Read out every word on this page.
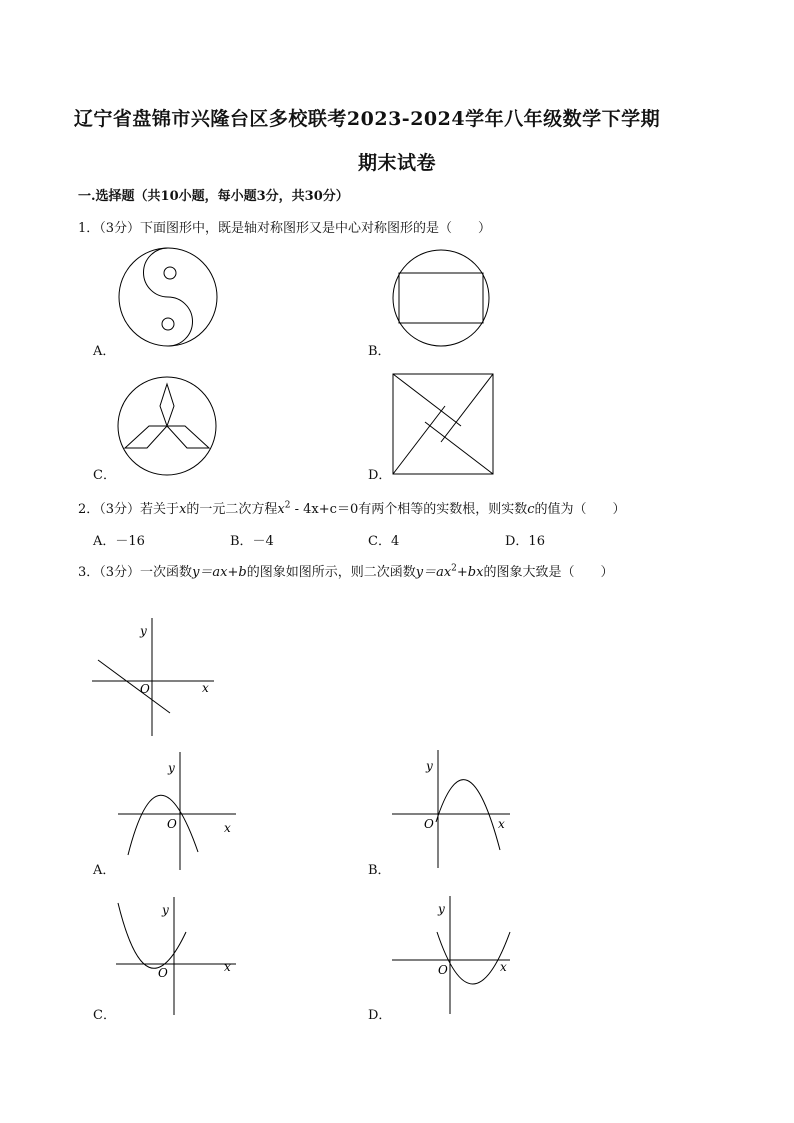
辽宁省盘锦市兴隆台区多校联考2023-2024学年八年级数学下学期
期末试卷
一.选择题（共10小题，每小题3分，共30分）
1．（3分）下面图形中，既是轴对称图形又是中心对称图形的是（　　）
A．	B．
C．	D．
2．（3分）若关于x的一元二次方程$x^2 - 4x+c=0$有两个相等的实数根，则实数c的值为（　　）
A．－16	B．－4	C．4	D．16
3．（3分）一次函数y＝ax+b的图象如图所示，则二次函数$y=ax^2+bx$的图象大致是（　　）
y
x
O
y
x
O
A．
y
x
O
B．
y
x
O
C．
y
x
O
D．
